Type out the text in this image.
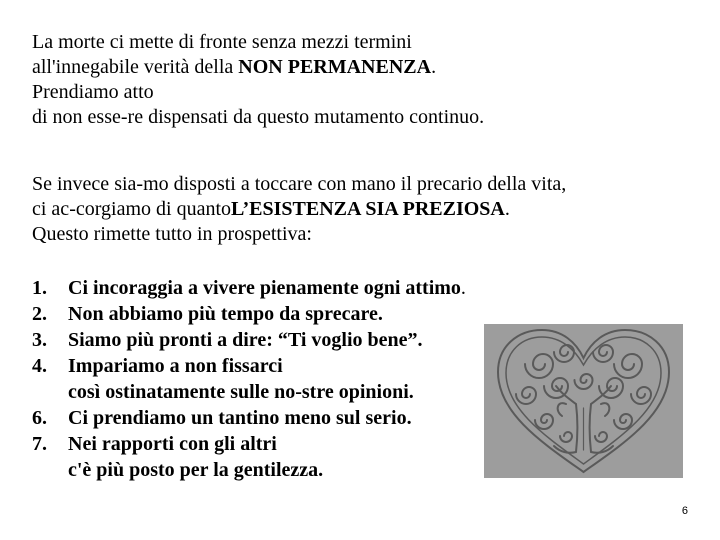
La morte ci mette di fronte senza mezzi termini
all'innegabile verità della NON PERMANENZA.
Prendiamo atto
di non esse-re dispensati da questo mutamento continuo.
Se invece sia-mo disposti a toccare con mano il precario della vita,
ci ac-corgiamo di quantoL’ESISTENZA SIA PREZIOSA.
Questo rimette tutto in prospettiva:
1. Ci incoraggia a vivere pienamente ogni attimo.
2. Non abbiamo più tempo da sprecare.
3. Siamo più pronti a dire: “Ti voglio bene”.
4. Impariamo a non fissarci
così ostinatamente sulle no-stre opinioni.
6. Ci prendiamo un tantino meno sul serio.
7. Nei rapporti con gli altri
c'è più posto per la gentilezza.
6
